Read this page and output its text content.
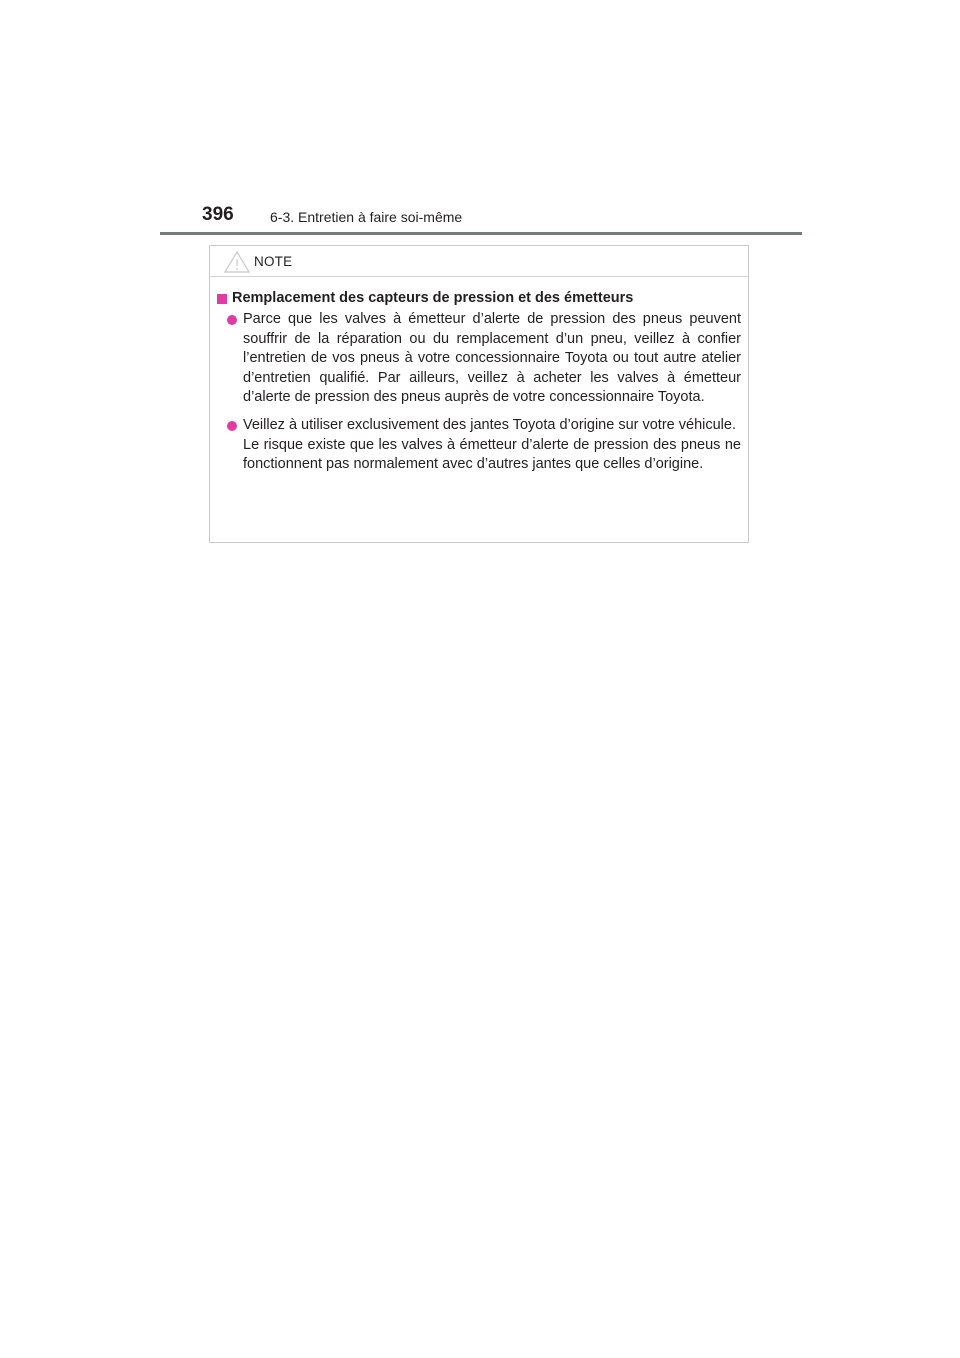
396	6-3. Entretien à faire soi-même
NOTE
Remplacement des capteurs de pression et des émetteurs

Parce que les valves à émetteur d’alerte de pression des pneus peuvent souffrir de la réparation ou du remplacement d’un pneu, veillez à confier l’entretien de vos pneus à votre concessionnaire Toyota ou tout autre atelier d’entretien qualifié. Par ailleurs, veillez à acheter les valves à émetteur d’alerte de pression des pneus auprès de votre concessionnaire Toyota.

Veillez à utiliser exclusivement des jantes Toyota d’origine sur votre véhicule.

Le risque existe que les valves à émetteur d’alerte de pression des pneus ne fonctionnent pas normalement avec d’autres jantes que celles d’origine.
